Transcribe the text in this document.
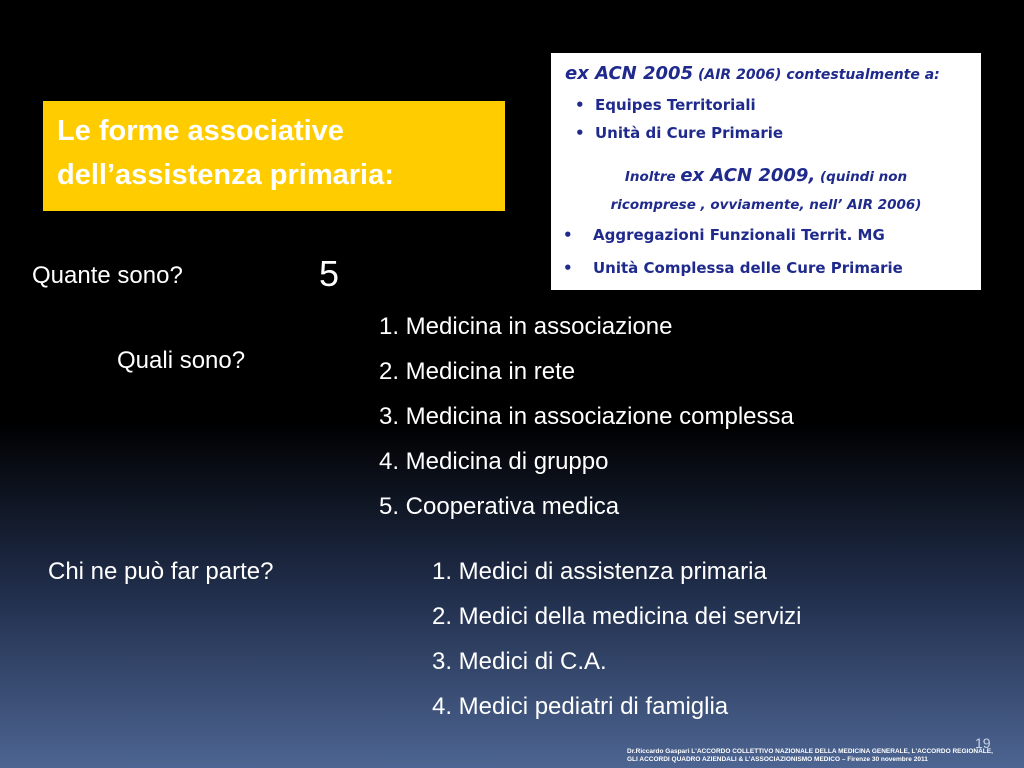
Le forme associative
dell’assistenza primaria:
ex ACN 2005 (AIR 2006) contestualmente a:
• Equipes Territoriali
• Unità di Cure Primarie
Inoltre ex ACN 2009, (quindi non
ricomprese , ovviamente, nell’ AIR 2006)
• Aggregazioni Funzionali Territ. MG
• Unità Complessa delle Cure Primarie
Quante sono?	5
Quali sono?
Chi ne può far parte?
1. Medicina in associazione
2. Medicina in rete
3. Medicina in associazione complessa
4. Medicina di gruppo
5. Cooperativa medica
1. Medici di assistenza primaria
2. Medici della medicina dei servizi
3. Medici di C.A.
4. Medici pediatri di famiglia
19
Dr.Riccardo Gaspari L'ACCORDO COLLETTIVO NAZIONALE DELLA MEDICINA GENERALE, L'ACCORDO REGIONALE,
GLI ACCORDI QUADRO AZIENDALI & L'ASSOCIAZIONISMO MEDICO – Firenze 30 novembre 2011
